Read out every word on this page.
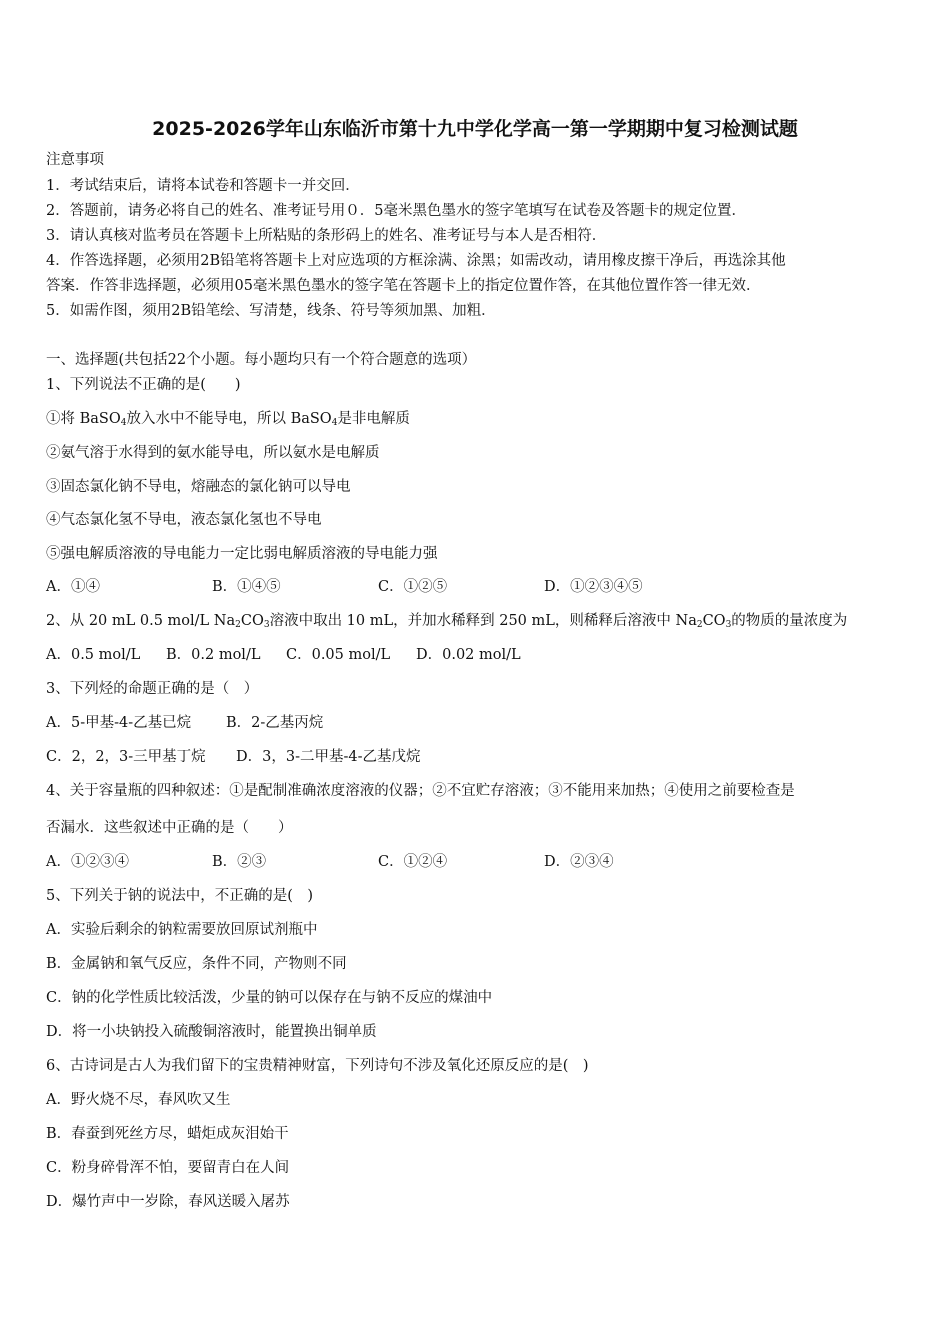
2025-2026学年山东临沂市第十九中学化学高一第一学期期中复习检测试题
注意事项
1．考试结束后，请将本试卷和答题卡一并交回．
2．答题前，请务必将自己的姓名、准考证号用０．5毫米黑色墨水的签字笔填写在试卷及答题卡的规定位置．
3．请认真核对监考员在答题卡上所粘贴的条形码上的姓名、准考证号与本人是否相符．
4．作答选择题，必须用2B铅笔将答题卡上对应选项的方框涂满、涂黑；如需改动，请用橡皮擦干净后，再选涂其他
答案．作答非选择题，必须用05毫米黑色墨水的签字笔在答题卡上的指定位置作答，在其他位置作答一律无效．
5．如需作图，须用2B铅笔绘、写清楚，线条、符号等须加黑、加粗．
一、选择题(共包括22个小题。每小题均只有一个符合题意的选项）
1、下列说法不正确的是(　　)
①将 BaSO$_4$放入水中不能导电，所以 BaSO$_4$是非电解质
②氨气溶于水得到的氨水能导电，所以氨水是电解质
③固态氯化钠不导电，熔融态的氯化钠可以导电
④气态氯化氢不导电，液态氯化氢也不导电
⑤强电解质溶液的导电能力一定比弱电解质溶液的导电能力强
A．①④	B．①④⑤	C．①②⑤	D．①②③④⑤
2、从 20 mL 0.5 mol/L $Na_2CO_3$溶液中取出 10 mL，并加水稀释到 250 mL，则稀释后溶液中 $Na_2CO_3$的物质的量浓度为
A．0.5 mol/L B．0.2 mol/L C．0.05 mol/L D．0.02 mol/L
3、下列烃的命题正确的是（　）
A．5-甲基-4-乙基已烷 B．2-乙基丙烷
C．2，2，3-三甲基丁烷 D．3，3-二甲基-4-乙基戊烷
4、关于容量瓶的四种叙述：①是配制准确浓度溶液的仪器；②不宜贮存溶液；③不能用来加热；④使用之前要检查是
否漏水．这些叙述中正确的是（　　）
A．①②③④	B．②③	C．①②④	D．②③④
5、下列关于钠的说法中，不正确的是(　)
A．实验后剩余的钠粒需要放回原试剂瓶中
B．金属钠和氧气反应，条件不同，产物则不同
C．钠的化学性质比较活泼，少量的钠可以保存在与钠不反应的煤油中
D．将一小块钠投入硫酸铜溶液时，能置换出铜单质
6、古诗词是古人为我们留下的宝贵精神财富，下列诗句不涉及氧化还原反应的是(　)
A．野火烧不尽，春风吹又生
B．春蚕到死丝方尽，蜡炬成灰泪始干
C．粉身碎骨浑不怕，要留青白在人间
D．爆竹声中一岁除，春风送暖入屠苏
